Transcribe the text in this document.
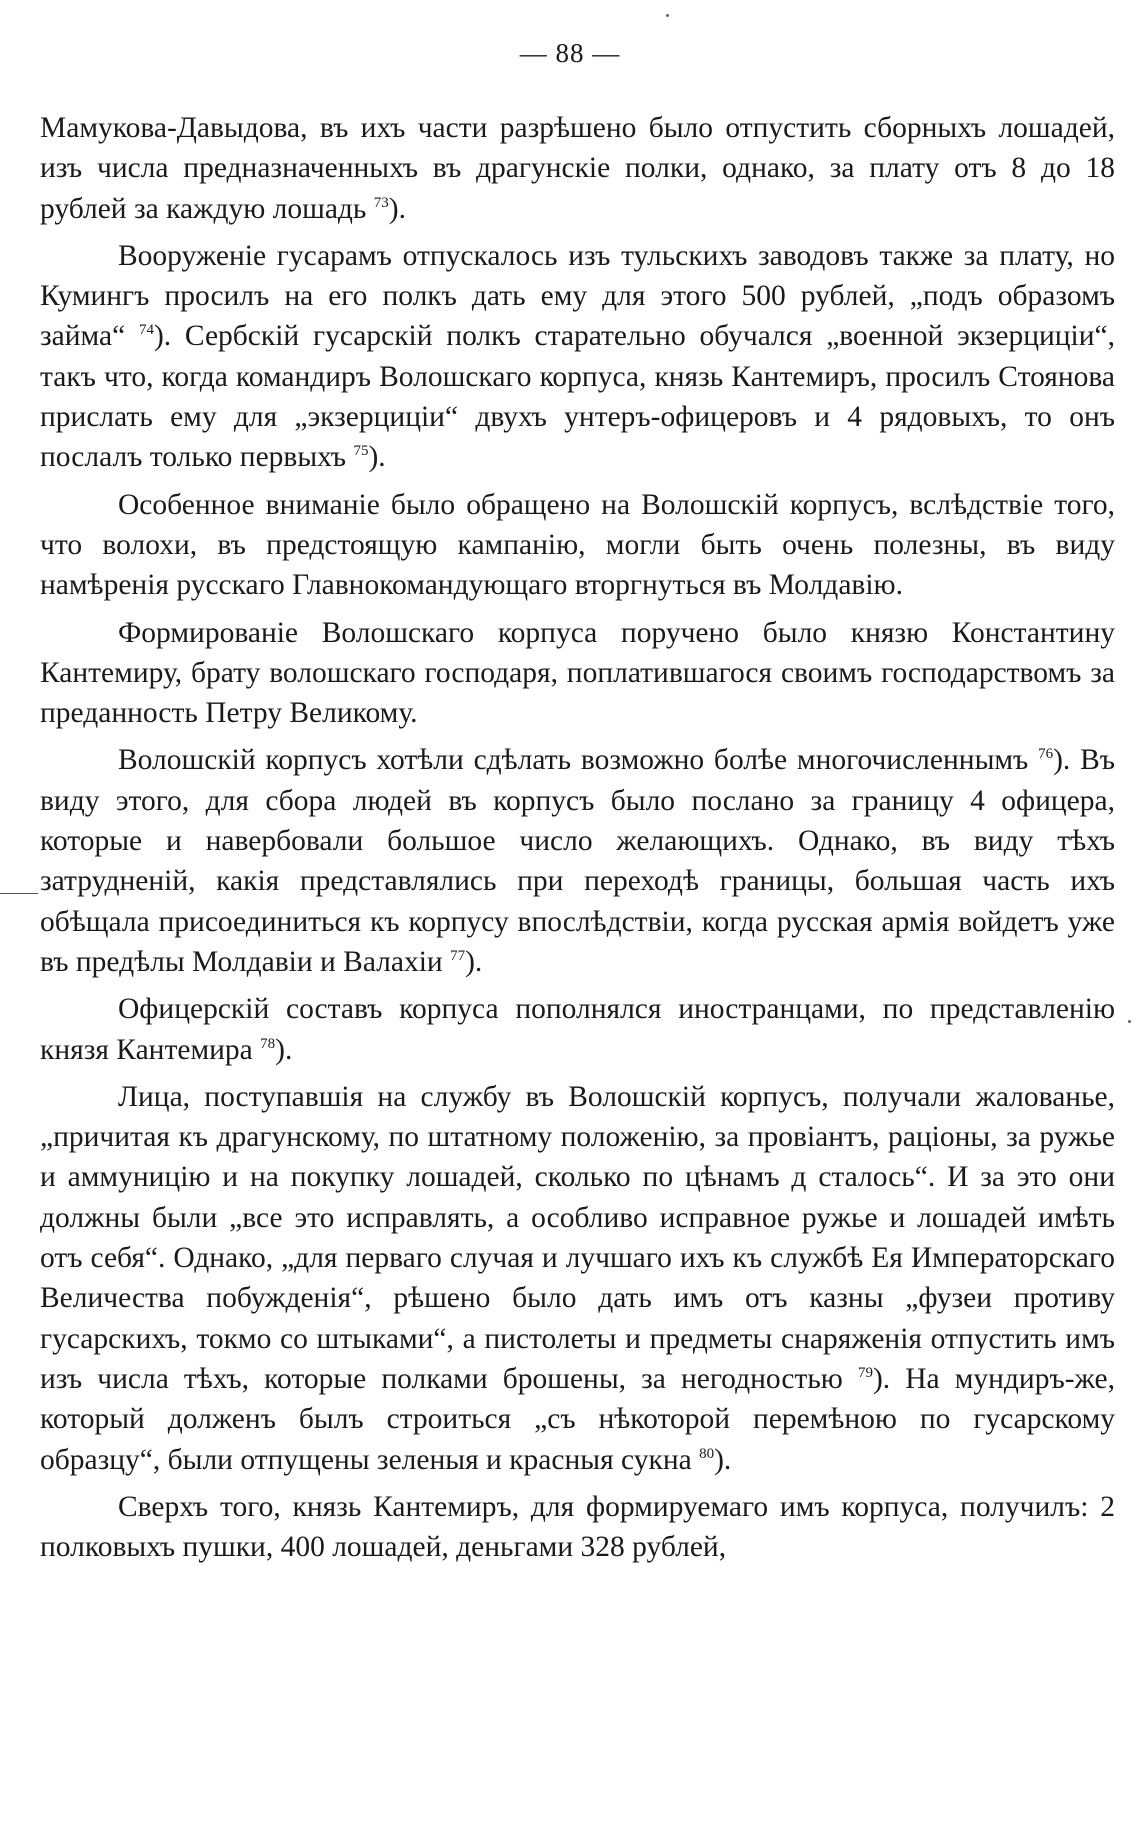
— 88 —

Мамукова-Давыдова, въ ихъ части разрѣшено было отпустить сборныхъ лошадей, изъ числа предназначенныхъ въ драгунскіе полки, однако, за плату отъ 8 до 18 рублей за каждую лошадь $^{73}$).

Вооруженіе гусарамъ отпускалось изъ тульскихъ заводовъ также за плату, но Кумингъ просилъ на его полкъ дать ему для этого 500 рублей, „подъ образомъ займа“ $^{74}$). Сербскій гусарскій полкъ старательно обучался „военной экзерциціи“, такъ что, когда командиръ Волошскаго корпуса, князь Кантемиръ, просилъ Стоянова прислать ему для „экзерциціи“ двухъ унтеръ-офицеровъ и 4 рядовыхъ, то онъ послалъ только первыхъ $^{75}$).

Особенное вниманіе было обращено на Волошскій корпусъ, вслѣдствіе того, что волохи, въ предстоящую кампанію, могли быть очень полезны, въ виду намѣренія русскаго Главнокомандующаго вторгнуться въ Молдавію.

Формированіе Волошскаго корпуса поручено было князю Константину Кантемиру, брату волошскаго господаря, поплатившагося своимъ господарствомъ за преданность Петру Великому.

Волошскій корпусъ хотѣли сдѣлать возможно болѣе многочисленнымъ $^{76}$). Въ виду этого, для сбора людей въ корпусъ было послано за границу 4 офицера, которые и навербовали большое число желающихъ. Однако, въ виду тѣхъ затрудненій, какія представлялись при переходѣ границы, большая часть ихъ обѣщала присоединиться къ корпусу впослѣдствіи, когда русская армія войдетъ уже въ предѣлы Молдавіи и Валахіи $^{77}$).

Офицерскій составъ корпуса пополнялся иностранцами, по представленію князя Кантемира $^{78}$).

Лица, поступавшія на службу въ Волошскій корпусъ, получали жалованье, „причитая къ драгунскому, по штатному положенію, за провіантъ, раціоны, за ружье и аммуницію и на покупку лошадей, сколько по цѣнамъ д сталось“. И за это они должны были „все это исправлять, а особливо исправное ружье и лошадей имѣть отъ себя“. Однако, „для перваго случая и лучшаго ихъ къ службѣ Ея Императорскаго Величества побужденія“, рѣшено было дать имъ отъ казны „фузеи противу гусарскихъ, токмо со штыками“, а пистолеты и предметы снаряженія отпустить имъ изъ числа тѣхъ, которые полками брошены, за негодностью $^{79}$). На мундиръ-же, который долженъ былъ строиться „съ нѣкоторой перемѣною по гусарскому образцу“, были отпущены зеленыя и красныя сукна $^{80}$).

Сверхъ того, князь Кантемиръ, для формируемаго имъ корпуса, получилъ: 2 полковыхъ пушки, 400 лошадей, деньгами 328 рублей,
